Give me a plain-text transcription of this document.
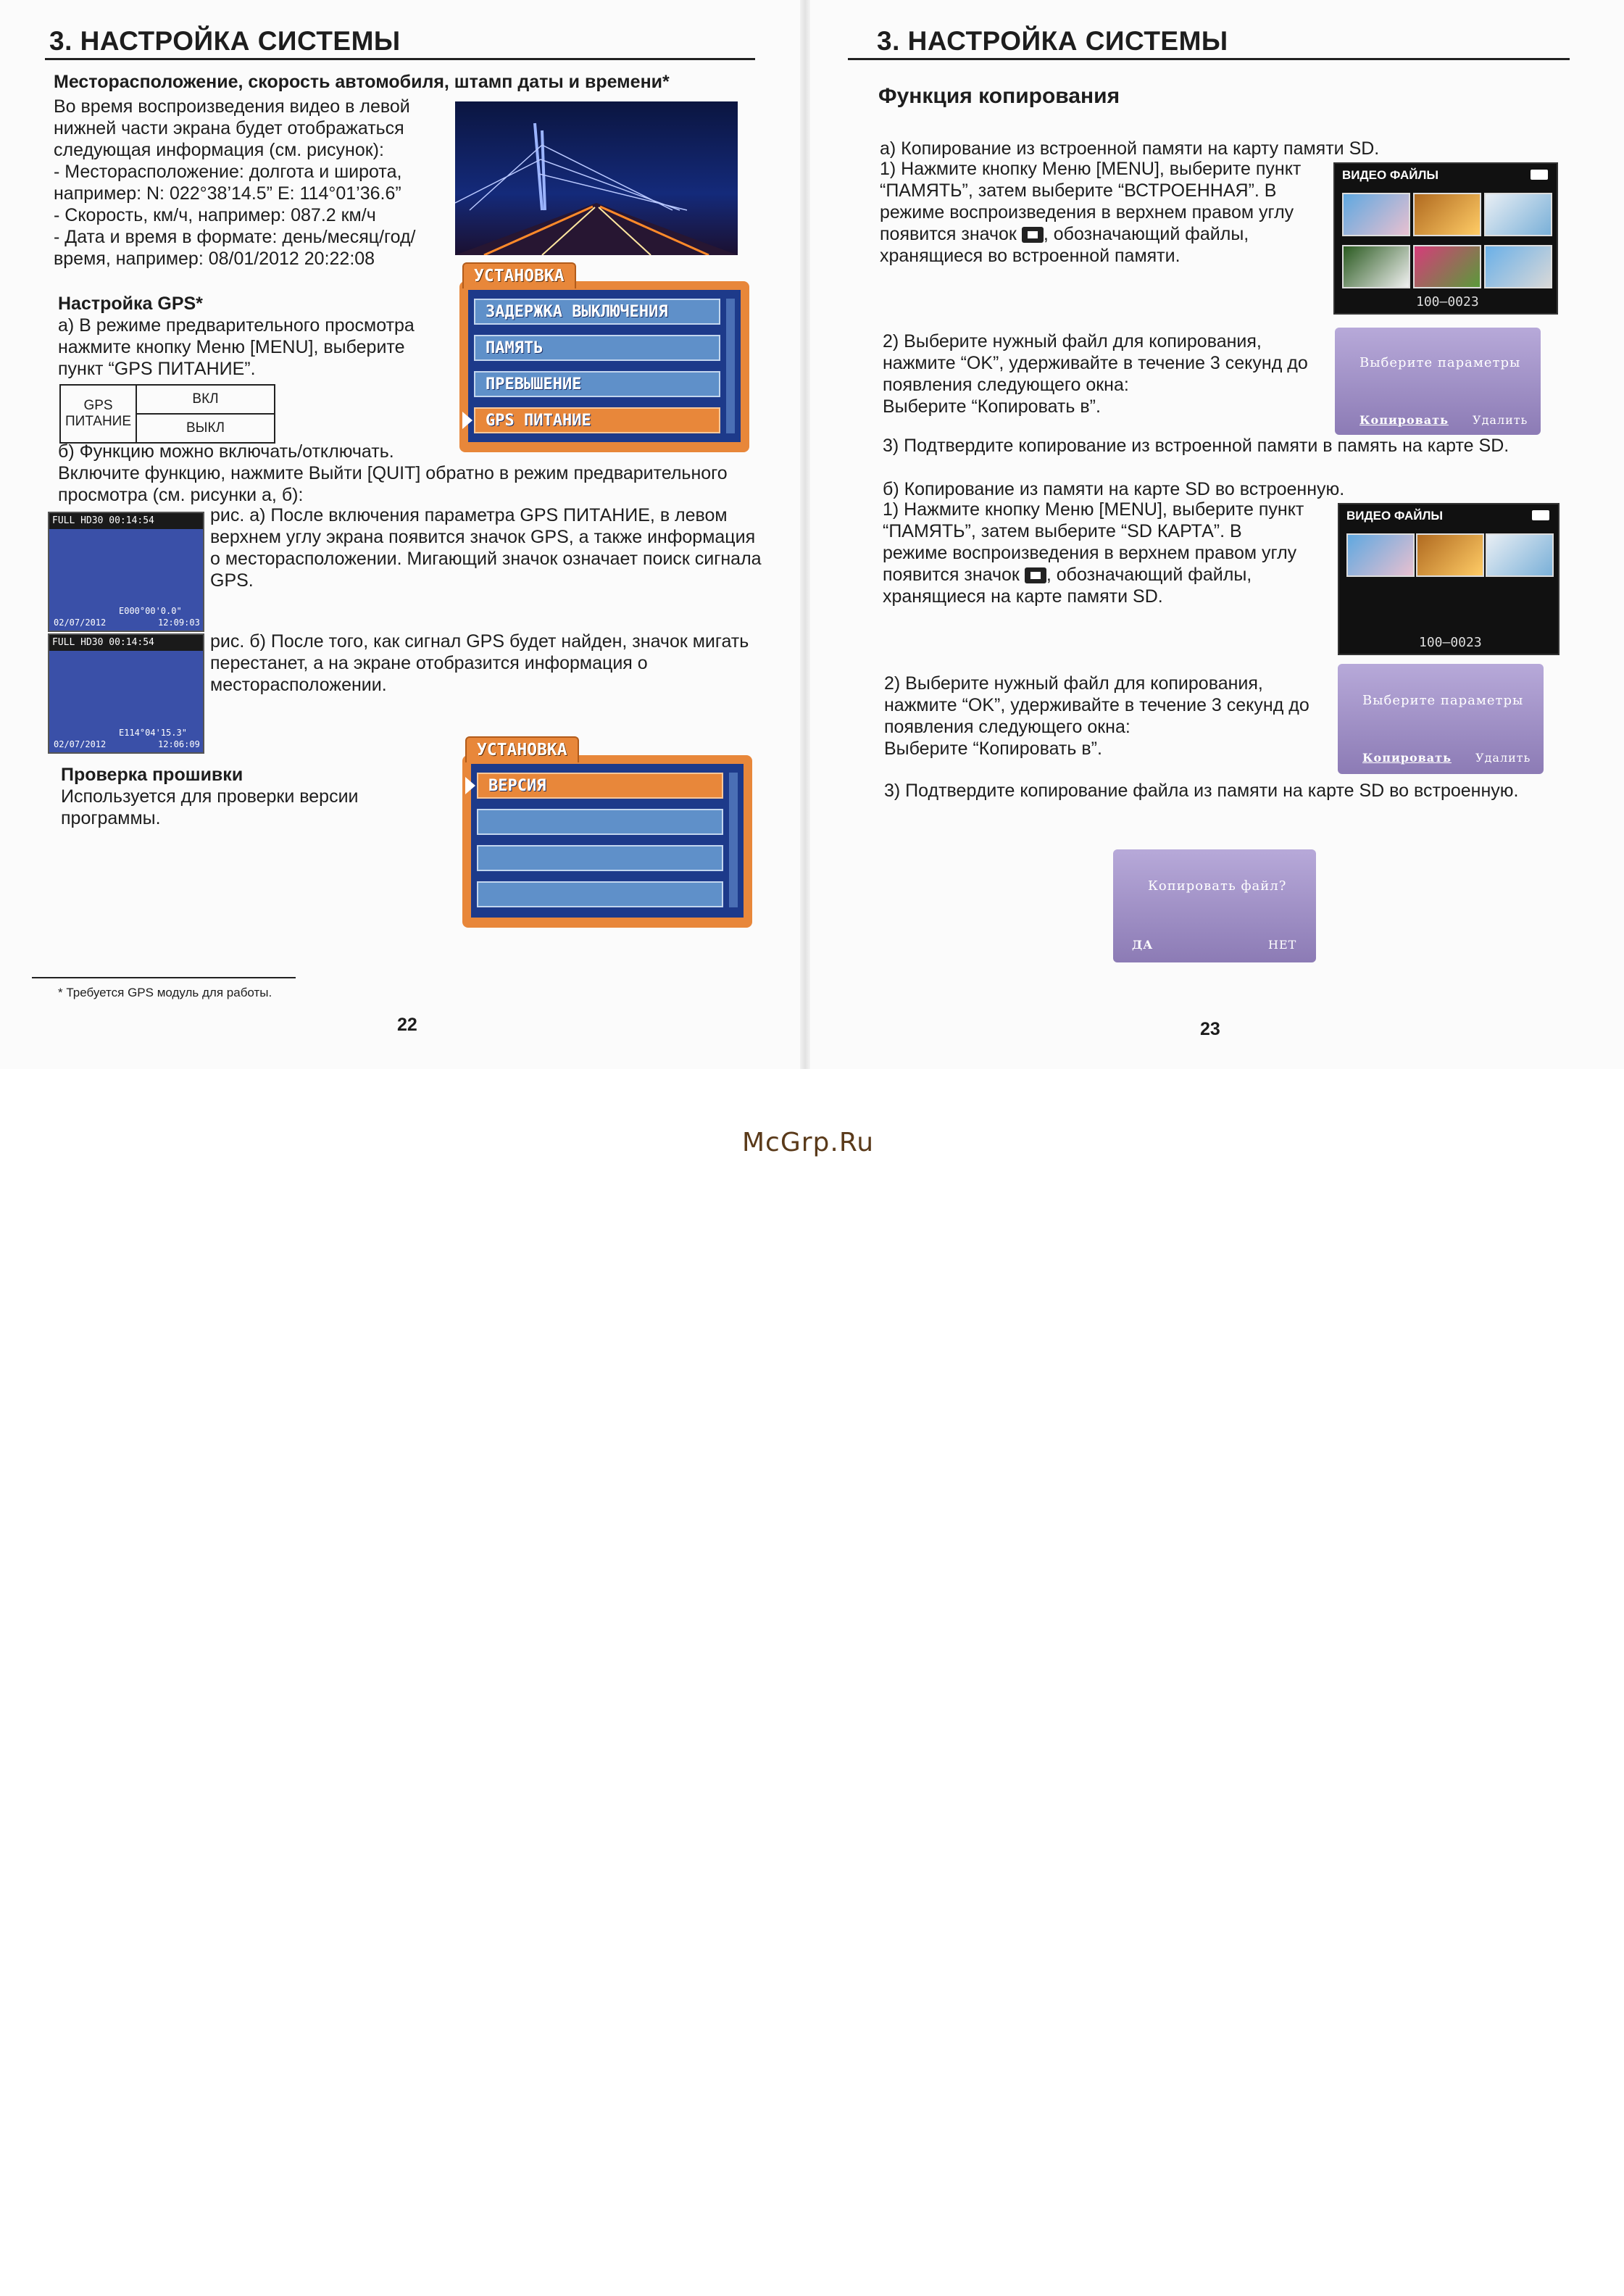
3. НАСТРОЙКА СИСТЕМЫ
Месторасположение, скорость автомобиля, штамп даты и времени*
Во время воспроизведения видео в левой
нижней части экрана будет отображаться
следующая информация (см. рисунок):
- Месторасположение: долгота и широта,
например: N: 022°38’14.5” E: 114°01’36.6”
- Скорость, км/ч, например: 087.2 км/ч
- Дата и время в формате: день/месяц/год/
время, например: 08/01/2012 20:22:08
УСТАНОВКА
ЗАДЕРЖКА ВЫКЛЮЧЕНИЯ
ПАМЯТЬ
ПРЕВЫШЕНИЕ
GPS ПИТАНИЕ
Настройка GPS*
а) В режиме предварительного просмотра
нажмите кнопку Меню [MENU], выберите
пункт “GPS ПИТАНИЕ”.
GPS ПИТАНИЕ	ВКЛ
ВЫКЛ
б) Функцию можно включать/отключать.
Включите функцию, нажмите Выйти [QUIT] обратно в режим предварительного
просмотра (см. рисунки а, б):
FULL HD30 00:14:54
E000°00'0.0"
02/07/2012	12:09:03
рис. а) После включения параметра GPS ПИТАНИЕ, в левом
верхнем углу экрана появится значок GPS, а также информация
о месторасположении. Мигающий значок означает поиск сигнала
GPS.
FULL HD30 00:14:54
E114°04'15.3"
02/07/2012	12:06:09
рис. б) После того, как сигнал GPS будет найден, значок мигать
перестанет, а на экране отобразится информация о
месторасположении.
Проверка прошивки
Используется для проверки версии
программы.
УСТАНОВКА
ВЕРСИЯ
* Требуется GPS модуль для работы.
22
3. НАСТРОЙКА СИСТЕМЫ
Функция копирования
а) Копирование из встроенной памяти на карту памяти SD.
1) Нажмите кнопку Меню [MENU], выберите пункт
“ПАМЯТЬ”, затем выберите “ВСТРОЕННАЯ”. В
режиме воспроизведения в верхнем правом углу
появится значок , обозначающий файлы,
хранящиеся во встроенной памяти.
ВИДЕО ФАЙЛЫ
100–0023
2) Выберите нужный файл для копирования,
нажмите “OK”, удерживайте в течение 3 секунд до
появления следующего окна:
Выберите “Копировать в”.
Выберите параметры
Копировать Удалить
3) Подтвердите копирование из встроенной памяти в память на карте SD.
б) Копирование из памяти на карте SD во встроенную.
1) Нажмите кнопку Меню [MENU], выберите пункт
“ПАМЯТЬ”, затем выберите “SD КАРТА”. В
режиме воспроизведения в верхнем правом углу
появится значок , обозначающий файлы,
хранящиеся на карте памяти SD.
ВИДЕО ФАЙЛЫ
100–0023
2) Выберите нужный файл для копирования,
нажмите “OK”, удерживайте в течение 3 секунд до
появления следующего окна:
Выберите “Копировать в”.
Выберите параметры
Копировать Удалить
3) Подтвердите копирование файла из памяти на карте SD во встроенную.
Копировать файл?
ДА	НЕТ
23
McGrp.Ru
